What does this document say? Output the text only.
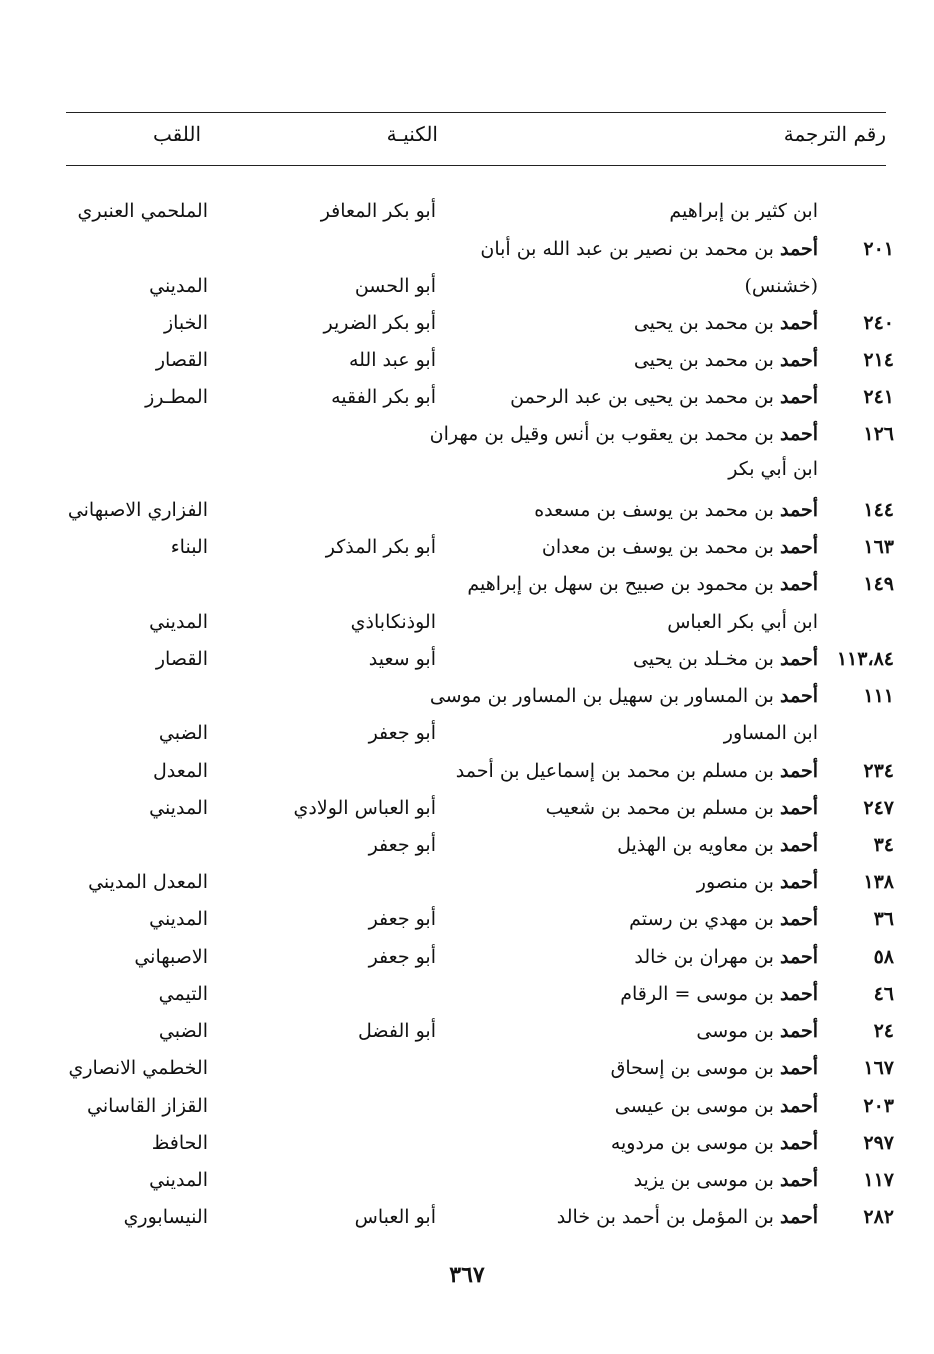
رقم الترجمة
الكنيـة
اللقب
ابن كثير بن إبراهيم
أبو بكر المعافر
الملحمي العنبري
٢٠١
أحمد بن محمد بن نصير بن عبد الله بن أبان
(خشنس)
أبو الحسن
المديني
٢٤٠
أحمد بن محمد بن يحيى
أبو بكر الضرير
الخباز
٢١٤
أحمد بن محمد بن يحيى
أبو عبد الله
القصار
٢٤١
أحمد بن محمد بن يحيى بن عبد الرحمن
أبو بكر الفقيه
المطـرز
١٢٦
أحمد بن محمد بن يعقوب بن أنس وقيل بن مهران
ابن أبي بكر
١٤٤
أحمد بن محمد بن يوسف بن مسعده
الفزاري الاصبهاني
١٦٣
أحمد بن محمد بن يوسف بن معدان
أبو بكر المذكر
البناء
١٤٩
أحمد بن محمود بن صبيح بن سهل بن إبراهيم
ابن أبي بكر العباس
الوذنكاباذي
المديني
١١٣،٨٤
أحمد بن مخـلد بن يحيى
أبو سعيد
القصار
١١١
أحمد بن المساور بن سهيل بن المساور بن موسى
ابن المساور
أبو جعفر
الضبي
٢٣٤
أحمد بن مسلم بن محمد بن إسماعيل بن أحمد
المعدل
٢٤٧
أحمد بن مسلم بن محمد بن شعيب
أبو العباس الولادي
المديني
٣٤
أحمد بن معاويه بن الهذيل
أبو جعفر
١٣٨
أحمد بن منصور
المعدل المديني
٣٦
أحمد بن مهدي بن رستم
أبو جعفر
المديني
٥٨
أحمد بن مهران بن خالد
أبو جعفر
الاصبهاني
٤٦
أحمد بن موسى = الرقام
التيمي
٢٤
أحمد بن موسى
أبو الفضل
الضبي
١٦٧
أحمد بن موسى بن إسحاق
الخطمي الانصاري
٢٠٣
أحمد بن موسى بن عيسى
القزاز القاساني
٢٩٧
أحمد بن موسى بن مردويه
الحافظ
١١٧
أحمد بن موسى بن يزيد
المديني
٢٨٢
أحمد بن المؤمل بن أحمد بن خالد
أبو العباس
النيسابوري
٣٦٧
